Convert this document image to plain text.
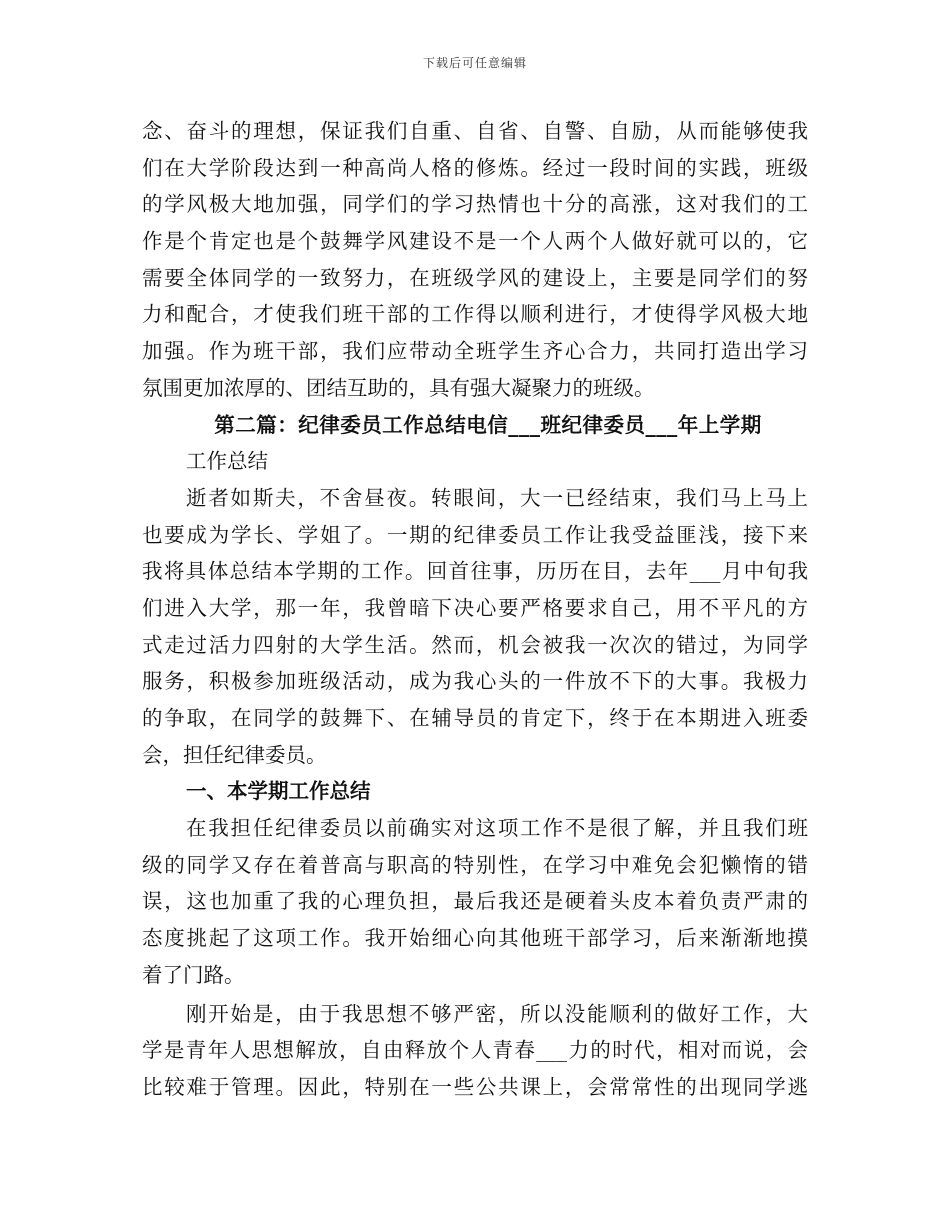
下载后可任意编辑
念、奋斗的理想，保证我们自重、自省、自警、自励，从而能够使我
们在大学阶段达到一种高尚人格的修炼。经过一段时间的实践，班级
的学风极大地加强，同学们的学习热情也十分的高涨，这对我们的工
作是个肯定也是个鼓舞学风建设不是一个人两个人做好就可以的，它
需要全体同学的一致努力，在班级学风的建设上，主要是同学们的努
力和配合，才使我们班干部的工作得以顺利进行，才使得学风极大地
加强。作为班干部，我们应带动全班学生齐心合力，共同打造出学习
氛围更加浓厚的、团结互助的，具有强大凝聚力的班级。
第二篇：纪律委员工作总结电信___班纪律委员___年上学期
工作总结
逝者如斯夫，不舍昼夜。转眼间，大一已经结束，我们马上马上
也要成为学长、学姐了。一期的纪律委员工作让我受益匪浅，接下来
我将具体总结本学期的工作。回首往事，历历在目，去年___月中旬我
们进入大学，那一年，我曾暗下决心要严格要求自己，用不平凡的方
式走过活力四射的大学生活。然而，机会被我一次次的错过，为同学
服务，积极参加班级活动，成为我心头的一件放不下的大事。我极力
的争取，在同学的鼓舞下、在辅导员的肯定下，终于在本期进入班委
会，担任纪律委员。
一、本学期工作总结
在我担任纪律委员以前确实对这项工作不是很了解，并且我们班
级的同学又存在着普高与职高的特别性，在学习中难免会犯懒惰的错
误，这也加重了我的心理负担，最后我还是硬着头皮本着负责严肃的
态度挑起了这项工作。我开始细心向其他班干部学习，后来渐渐地摸
着了门路。
刚开始是，由于我思想不够严密，所以没能顺利的做好工作，大
学是青年人思想解放，自由释放个人青春___力的时代，相对而说，会
比较难于管理。因此，特别在一些公共课上，会常常性的出现同学逃
